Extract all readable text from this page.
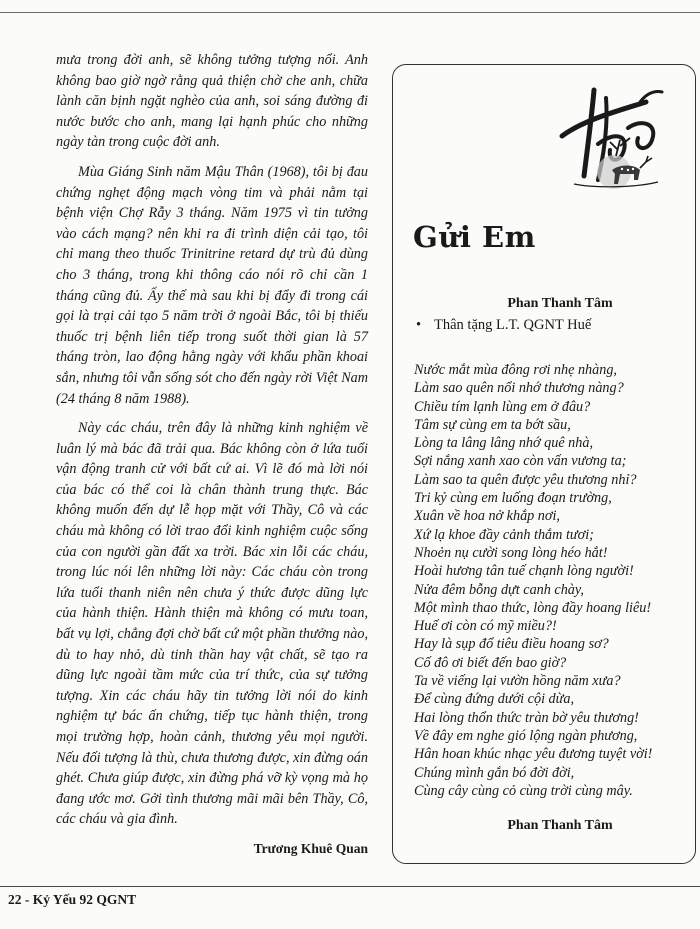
mưa trong đời anh, sẽ không tưởng tượng nổi. Anh không bao giờ ngờ rằng quả thiện chờ che anh, chữa lành căn bịnh ngặt nghèo của anh, soi sáng đường đi nước bước cho anh, mang lại hạnh phúc cho những ngày tàn trong cuộc đời anh.

Mùa Giáng Sinh năm Mậu Thân (1968), tôi bị đau chứng nghẹt động mạch vòng tim và phải nằm tại bệnh viện Chợ Rẫy 3 tháng. Năm 1975 vì tin tưởng vào cách mạng? nên khi ra đi trình diện cải tạo, tôi chỉ mang theo thuốc Trinitrine retard dự trù đủ dùng cho 3 tháng, trong khi thông cáo nói rõ chỉ cần 1 tháng cũng đủ. Ấy thế mà sau khi bị đẩy đi trong cái gọi là trại cải tạo 5 năm trời ở ngoài Bắc, tôi bị thiếu thuốc trị bệnh liên tiếp trong suốt thời gian là 57 tháng tròn, lao động hằng ngày với khẩu phần khoai sắn, nhưng tôi vẫn sống sót cho đến ngày rời Việt Nam (24 tháng 8 năm 1988).

Này các cháu, trên đây là những kinh nghiệm về luân lý mà bác đã trải qua. Bác không còn ở lứa tuổi vận động tranh cử với bất cứ ai. Vì lẽ đó mà lời nói của bác có thể coi là chân thành trung thực. Bác không muốn đến dự lễ họp mặt với Thầy, Cô và các cháu mà không có lời trao đổi kinh nghiệm cuộc sống của con người gần đất xa trời. Bác xin lỗi các cháu, trong lúc nói lên những lời này: Các cháu còn trong lứa tuổi thanh niên nên chưa ý thức được dũng lực của hành thiện. Hành thiện mà không có mưu toan, bất vụ lợi, chẳng đợi chờ bất cứ một phần thưởng nào, dù to hay nhỏ, dù tinh thần hay vật chất, sẽ tạo ra dũng lực ngoài tầm mức của trí thức, của sự tưởng tượng. Xin các cháu hãy tin tưởng lời nói do kinh nghiệm tự bác ấn chứng, tiếp tục hành thiện, trong mọi trường hợp, hoàn cảnh, thương yêu mọi người. Nếu đối tượng là thù, chưa thương được, xin đừng oán ghét. Chưa giúp được, xin đừng phá vỡ kỳ vọng mà họ đang ước mơ. Gởi tình thương mãi mãi bên Thầy, Cô, các cháu và gia đình.

Trương Khuê Quan
Gửi Em
Phan Thanh Tâm
• Thân tặng L.T. QGNT Huế
Nước mắt mùa đông rơi nhẹ nhàng,
Làm sao quên nổi nhớ thương nàng?
Chiều tím lạnh lùng em ở đâu?
Tâm sự cùng em ta bớt sầu,
Lòng ta lâng lâng nhớ quê nhà,
Sợi nắng xanh xao còn vấn vương ta;
Làm sao ta quên được yêu thương nhỉ?
Tri kỷ cùng em luống đoạn trường,
Xuân về hoa nở khắp nơi,
Xứ lạ khoe đầy cảnh thắm tươi;
Nhoẻn nụ cười song lòng héo hắt!
Hoài hương tân tuế chạnh lòng người!
Nửa đêm bỗng dựt canh chày,
Một mình thao thức, lòng đầy hoang liêu!
Huế ơi còn có mỹ miều?!
Hay là sụp đổ tiêu điều hoang sơ?
Cố đô ơi biết đến bao giờ?
Ta về viếng lại vườn hồng năm xưa?
Để cùng đứng dưới cội dừa,
Hai lòng thổn thức tràn bờ yêu thương!
Về đây em nghe gió lộng ngàn phương,
Hân hoan khúc nhạc yêu đương tuyệt vời!
Chúng mình gắn bó đời đời,
Cùng cây cùng cỏ cùng trời cùng mây.
Phan Thanh Tâm
22 - Kỷ Yếu 92 QGNT
